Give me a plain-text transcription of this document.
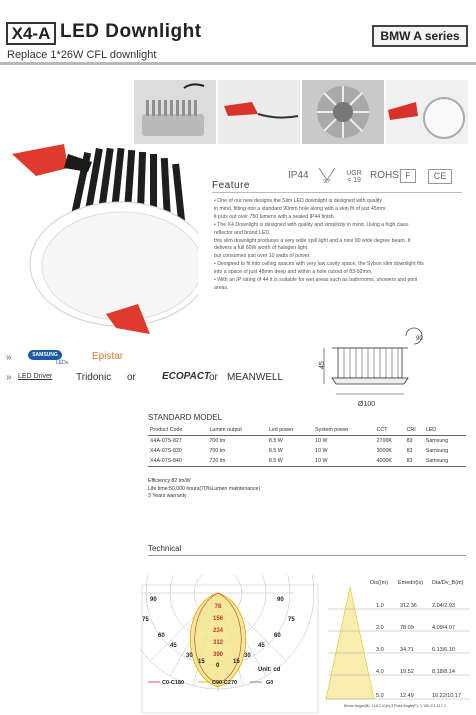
X4-A LED Downlight	BMW A series
Replace 1*26W CFL downlight
IP44
90°
UGR < 19 ROHS F	CE
Feature
• One of our new designs the Slim LED downlight is designed with quality
in mind, fitting into a standard 90mm hole along with a skin fit of just 45mm
it puts out over 750 lumens with a sealed IP44 finish.
• The X4 Downlight is designed with quality and simplicity in mind. Using a high class
reflector and brand LED
this slim downlight produces a very wide spill light and a nice 90 wide degree beam. It
delivers a full 60W worth of halogen light
but consumes just over 10 watts of power.
• Designed to fit into ceiling spaces with very low cavity space, the Sybon slim downlight fits
into a space of just 48mm deep and within a hole cutout of 83-92mm.
• With an IP rating of 44 it is suitable for wet areas such as bathrooms, showers and pool
areas.
90
45
Ø100
»	SAMSUNG
LEDs
Epistar
» LED Driver Tridonic or	ECOPACT
or MEANWELL
STANDARD MODEL
Product Code	Lumen output	Led power	System power	CCT	CRI	LED
X4A-07S-827	700 lm	8.5 W	10 W	2700K	83	Samsung
X4A-07S-830	700 lm	8.5 W	10 W	3000K	83	Samsung
X4A-07S-840	720 lm	8.5 W	10 W	4000K	83	Samsung
Efficiency:82 lm/W
Life time:50,000 hours(70%Lumen maintenance)
3 Years warranty
Technical
90	90
75	75
60	60
45	45
30	30
15	15
0
78
156
234
312
390
Unit: cd
C0-C180	C90-C270	G0
Dis((m) Emedir(lx) Dia/Dv_B(m)
1.0	312.36	2.04/2.93
2.0	78.09	4.09/4.07
3.0	34.71	6.13/6.10
4.0	19.52	8.18/8.14
5.0	12.49	10.22/10.17
Beam Angle(B): 118.2 V(H)-3 Field Angle(F): 1.190.9 1.117.2
